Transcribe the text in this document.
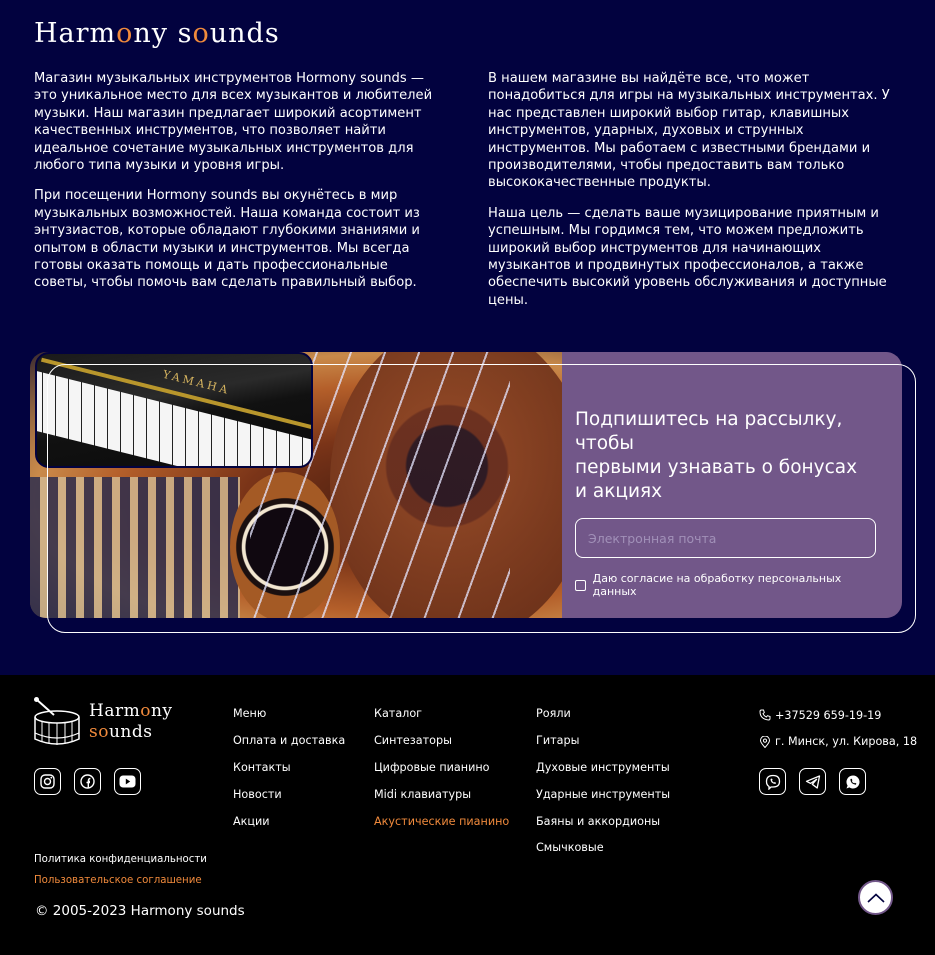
Harmony sounds

Магазин музыкальных инструментов Hormony sounds — это уникальное место для всех музыкантов и любителей музыки. Наш магазин предлагает широкий асортимент качественных инструментов, что позволяет найти идеальное сочетание музыкальных инструментов для любого типа музыки и уровня игры.

При посещении Hormony sounds вы окунётесь в мир музыкальных возможностей. Наша команда состоит из энтузиастов, которые обладают глубокими знаниями и опытом в области музыки и инструментов. Мы всегда готовы оказать помощь и дать профессиональные советы, чтобы помочь вам сделать правильный выбор.

В нашем магазине вы найдёте все, что может понадобиться для игры на музыкальных инструментах. У нас представлен широкий выбор гитар, клавишных инструментов, ударных, духовых и струнных инструментов. Мы работаем с известными брендами и производителями, чтобы предоставить вам только высококачественные продукты.

Наша цель — сделать ваше музицирование приятным и успешным. Мы гордимся тем, что можем предложить широкий выбор инструментов для начинающих музыкантов и продвинутых профессионалов, а также обеспечить высокий уровень обслуживания и доступные цены.

YAMAHA
Подпишитесь на рассылку, чтобы
первыми узнавать о бонусах
и акциях
Электронная почта
Даю согласие на обработку персональных данных
Harmony
sounds
Политика конфиденциальности
Пользовательское соглашение
© 2005-2023 Harmony sounds
Меню
Оплата и доставка
Контакты
Новости
Акции
Каталог
Синтезаторы
Цифровые пианино
Midi клавиатуры
Акустические пианино
Рояли
Гитары
Духовые инструменты
Ударные инструменты
Баяны и аккордионы
Смычковые
+37529 659-19-19
г. Минск, ул. Кирова, 18
